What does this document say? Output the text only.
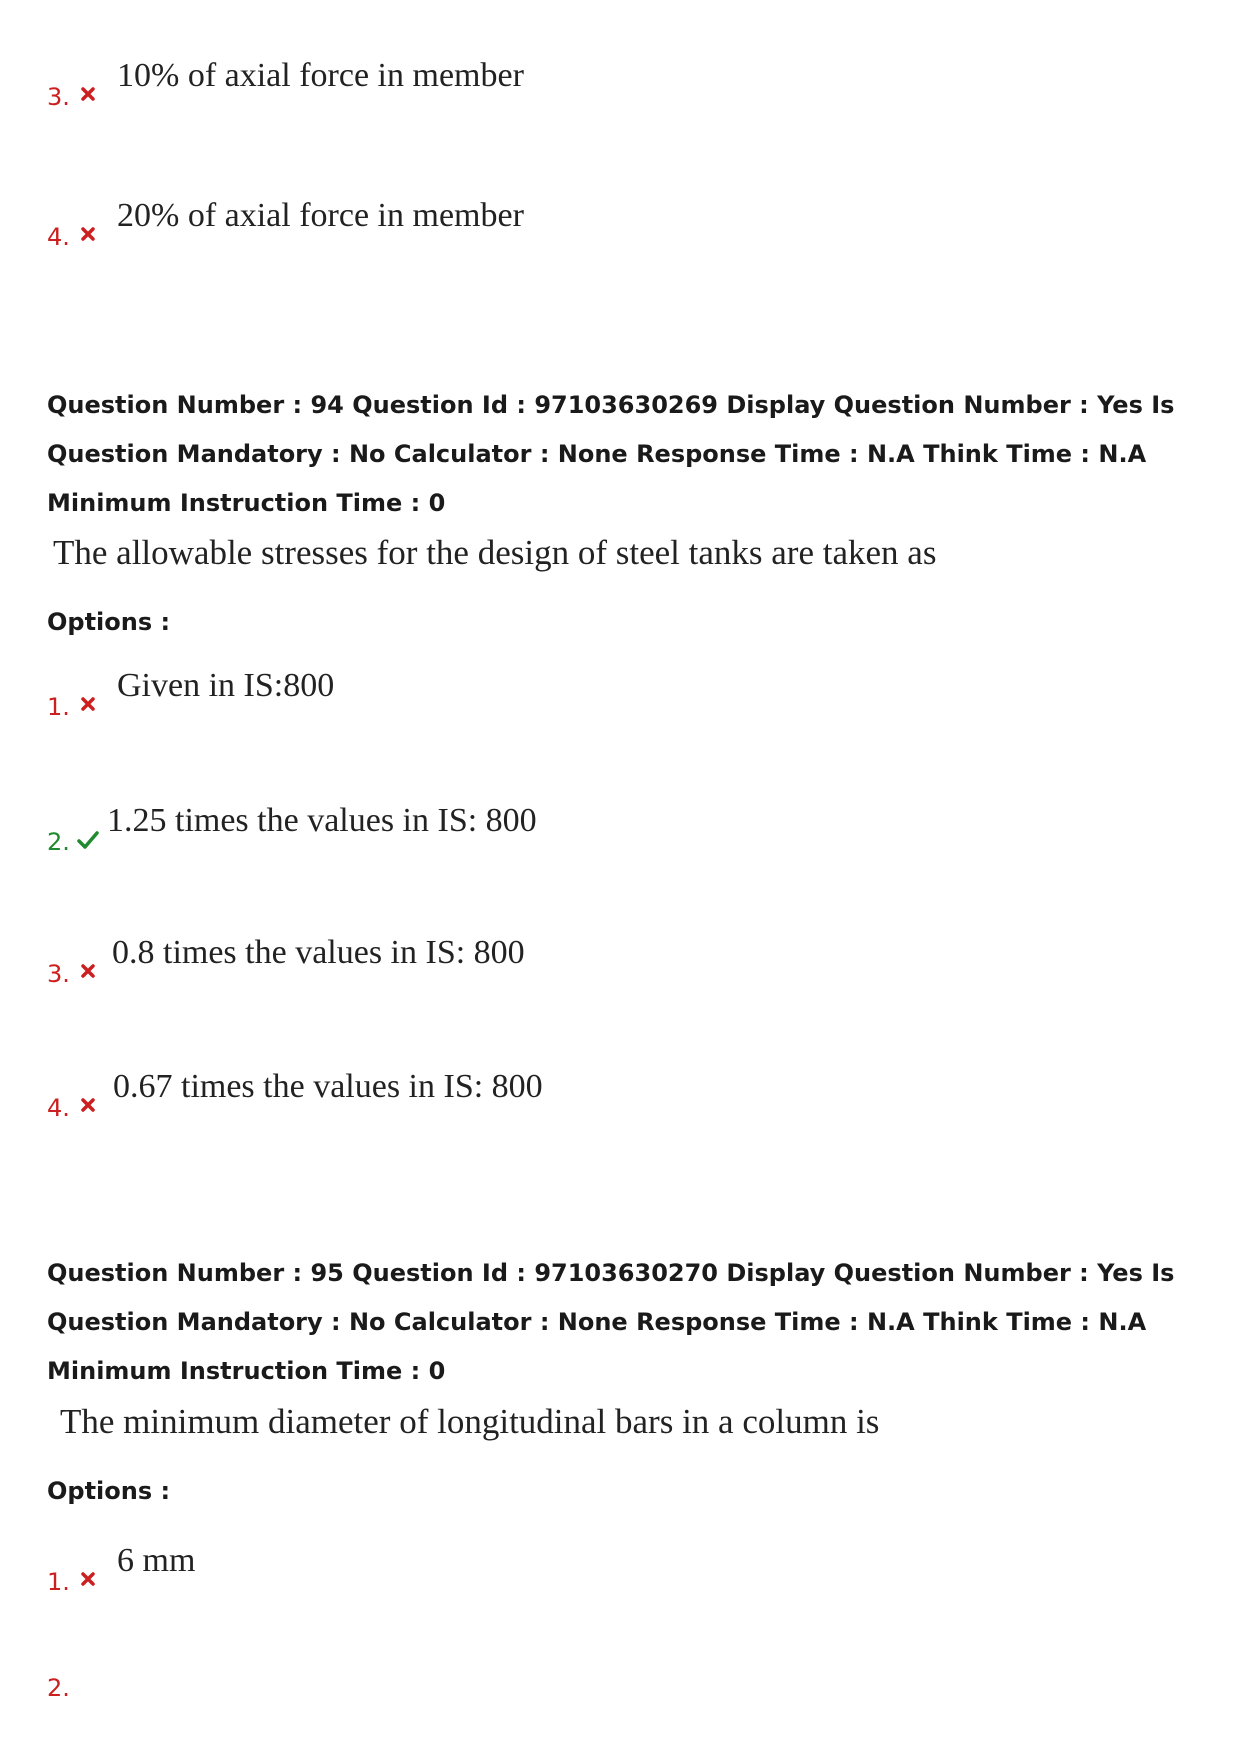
3.
10% of axial force in member
4.
20% of axial force in member
Question Number : 94 Question Id : 97103630269 Display Question Number : Yes Is Question Mandatory : No Calculator : None Response Time : N.A Think Time : N.A Minimum Instruction Time : 0
The allowable stresses for the design of steel tanks are taken as
Options :
1.
Given in IS:800
2.
1.25 times the values in IS: 800
3.
0.8 times the values in IS: 800
4.
0.67 times the values in IS: 800
Question Number : 95 Question Id : 97103630270 Display Question Number : Yes Is Question Mandatory : No Calculator : None Response Time : N.A Think Time : N.A Minimum Instruction Time : 0
The minimum diameter of longitudinal bars in a column is
Options :
1.
6 mm
2.
